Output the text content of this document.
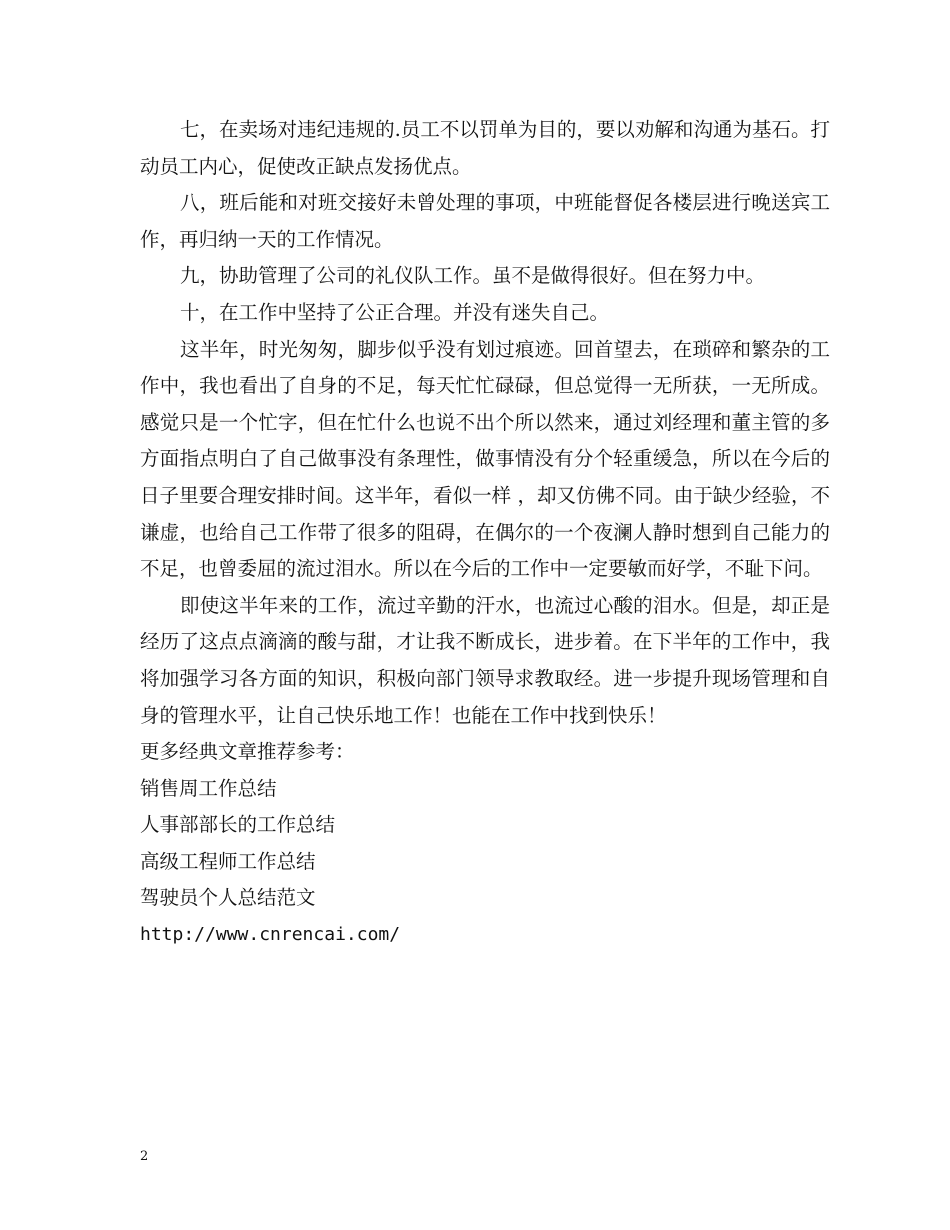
七，在卖场对违纪违规的.员工不以罚单为目的，要以劝解和沟通为基石。打动员工内心，促使改正缺点发扬优点。

八，班后能和对班交接好未曾处理的事项，中班能督促各楼层进行晚送宾工作，再归纳一天的工作情况。

九，协助管理了公司的礼仪队工作。虽不是做得很好。但在努力中。

十，在工作中坚持了公正合理。并没有迷失自己。

这半年，时光匆匆，脚步似乎没有划过痕迹。回首望去，在琐碎和繁杂的工作中，我也看出了自身的不足，每天忙忙碌碌，但总觉得一无所获，一无所成。感觉只是一个忙字，但在忙什么也说不出个所以然来，通过刘经理和董主管的多方面指点明白了自己做事没有条理性，做事情没有分个轻重缓急，所以在今后的日子里要合理安排时间。这半年，看似一样 ，却又仿佛不同。由于缺少经验，不谦虚，也给自己工作带了很多的阻碍，在偶尔的一个夜澜人静时想到自己能力的不足，也曾委屈的流过泪水。所以在今后的工作中一定要敏而好学，不耻下问。

即使这半年来的工作，流过辛勤的汗水，也流过心酸的泪水。但是，却正是经历了这点点滴滴的酸与甜，才让我不断成长，进步着。在下半年的工作中，我将加强学习各方面的知识，积极向部门领导求教取经。进一步提升现场管理和自身的管理水平，让自己快乐地工作！也能在工作中找到快乐！

更多经典文章推荐参考：

销售周工作总结

人事部部长的工作总结

高级工程师工作总结

驾驶员个人总结范文

http://www.cnrencai.com/

2
